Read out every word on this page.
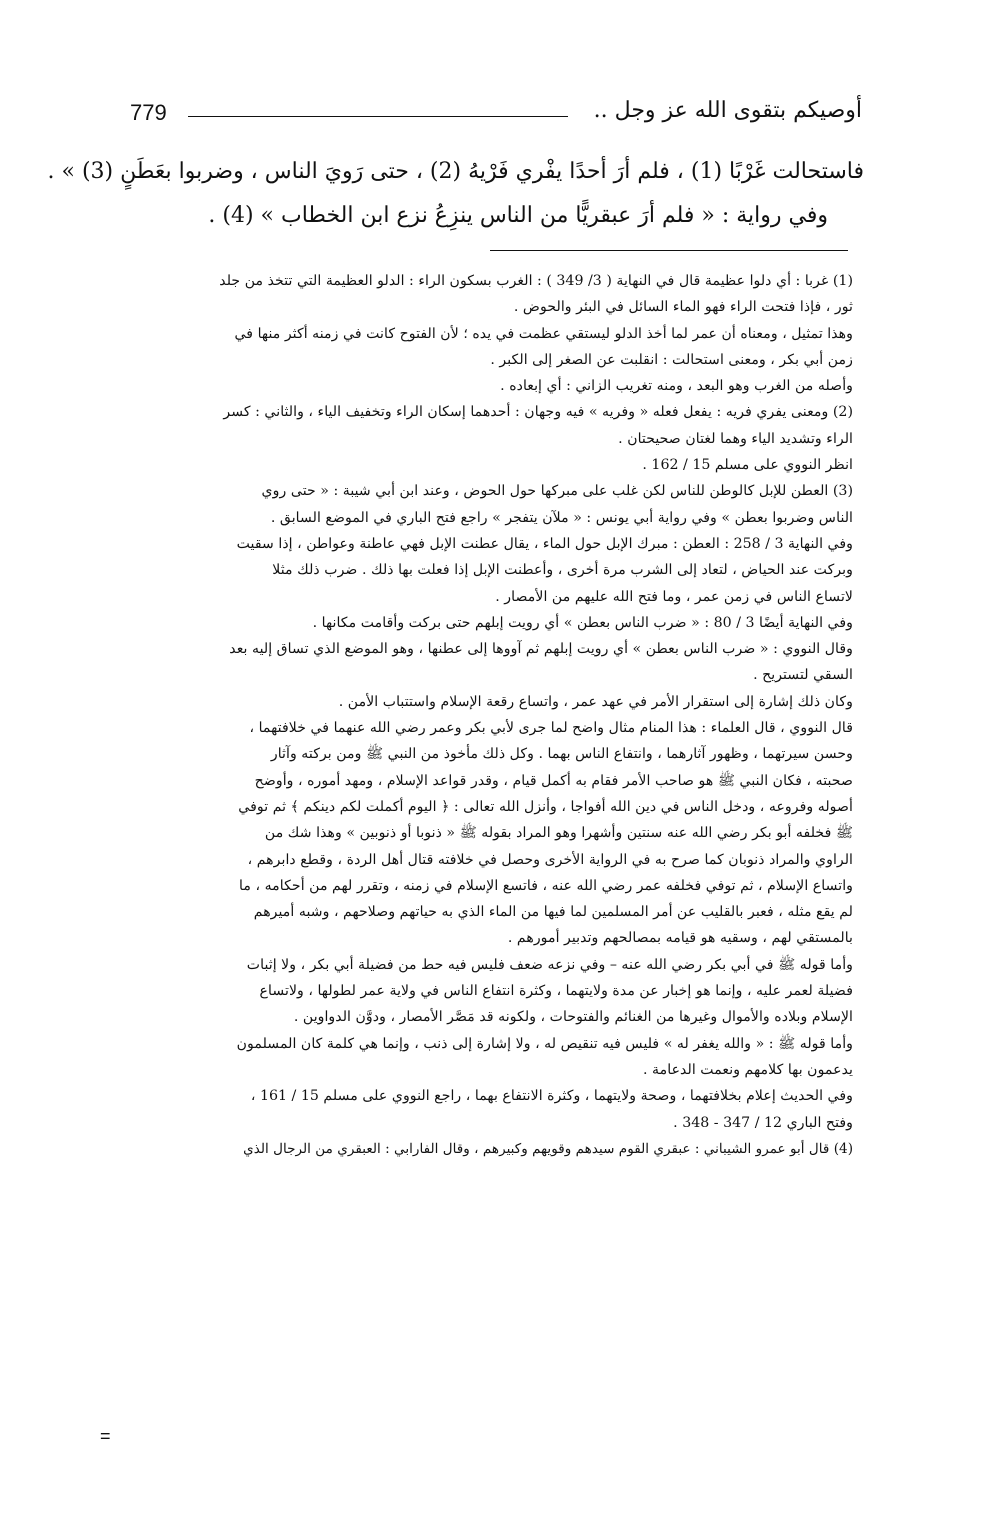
779	أوصيكم بتقوى الله عز وجل ..
فاستحالت غَرْبًا (1) ، فلم أرَ أحدًا يفْري فَرْيهُ (2) ، حتى رَويَ الناس ، وضربوا بعَطَنٍ (3) » .
وفي رواية : « فلم أرَ عبقريًّا من الناس ينزِعُ نزع ابن الخطاب » (4) .
(1) غربا : أي دلوا عظيمة قال في النهاية ( 3/ 349 ) : الغرب بسكون الراء : الدلو العظيمة التي تتخذ من جلد
ثور ، فإذا فتحت الراء فهو الماء السائل في البئر والحوض .
وهذا تمثيل ، ومعناه أن عمر لما أخذ الدلو ليستقي عظمت في يده ؛ لأن الفتوح كانت في زمنه أكثر منها في
زمن أبي بكر ، ومعنى استحالت : انقلبت عن الصغر إلى الكبر .
وأصله من الغرب وهو البعد ، ومنه تغريب الزاني : أي إبعاده .
(2) ومعنى يفري فريه : يفعل فعله « وفريه » فيه وجهان : أحدهما إسكان الراء وتخفيف الياء ، والثاني : كسر
الراء وتشديد الياء وهما لغتان صحيحتان .
انظر النووي على مسلم 15 / 162 .
(3) العطن للإبل كالوطن للناس لكن غلب على مبركها حول الحوض ، وعند ابن أبي شيبة : « حتى روي
الناس وضربوا بعطن » وفي رواية أبي يونس : « ملآن يتفجر » راجع فتح الباري في الموضع السابق .
وفي النهاية 3 / 258 : العطن : مبرك الإبل حول الماء ، يقال عطنت الإبل فهي عاطنة وعواطن ، إذا سقيت
وبركت عند الحياض ، لتعاد إلى الشرب مرة أخرى ، وأعطنت الإبل إذا فعلت بها ذلك . ضرب ذلك مثلا
لاتساع الناس في زمن عمر ، وما فتح الله عليهم من الأمصار .
وفي النهاية أيضًا 3 / 80 : « ضرب الناس بعطن » أي رويت إبلهم حتى بركت وأقامت مكانها .
وقال النووي : « ضرب الناس بعطن » أي رويت إبلهم ثم آووها إلى عطنها ، وهو الموضع الذي تساق إليه بعد
السقي لتستريح .
وكان ذلك إشارة إلى استقرار الأمر في عهد عمر ، واتساع رقعة الإسلام واستتباب الأمن .
قال النووي ، قال العلماء : هذا المنام مثال واضح لما جرى لأبي بكر وعمر رضي الله عنهما في خلافتهما ،
وحسن سيرتهما ، وظهور آثارهما ، وانتفاع الناس بهما . وكل ذلك مأخوذ من النبي ﷺ ومن بركته وآثار
صحبته ، فكان النبي ﷺ هو صاحب الأمر فقام به أكمل قيام ، وقدر قواعد الإسلام ، ومهد أموره ، وأوضح
أصوله وفروعه ، ودخل الناس في دين الله أفواجا ، وأنزل الله تعالى : ﴿ اليوم أكملت لكم دينكم ﴾ ثم توفي
ﷺ فخلفه أبو بكر رضي الله عنه سنتين وأشهرا وهو المراد بقوله ﷺ « ذنوبا أو ذنوبين » وهذا شك من
الراوي والمراد ذنوبان كما صرح به في الرواية الأخرى وحصل في خلافته قتال أهل الردة ، وقطع دابرهم ،
واتساع الإسلام ، ثم توفي فخلفه عمر رضي الله عنه ، فاتسع الإسلام في زمنه ، وتقرر لهم من أحكامه ، ما
لم يقع مثله ، فعبر بالقليب عن أمر المسلمين لما فيها من الماء الذي به حياتهم وصلاحهم ، وشبه أميرهم
بالمستقي لهم ، وسقيه هو قيامه بمصالحهم وتدبير أمورهم .
وأما قوله ﷺ في أبي بكر رضي الله عنه – وفي نزعه ضعف فليس فيه حط من فضيلة أبي بكر ، ولا إثبات
فضيلة لعمر عليه ، وإنما هو إخبار عن مدة ولايتهما ، وكثرة انتفاع الناس في ولاية عمر لطولها ، ولاتساع
الإسلام وبلاده والأموال وغيرها من الغنائم والفتوحات ، ولكونه قد مَصَّر الأمصار ، ودوَّن الدواوين .
وأما قوله ﷺ : « والله يغفر له » فليس فيه تنقيص له ، ولا إشارة إلى ذنب ، وإنما هي كلمة كان المسلمون
يدعمون بها كلامهم ونعمت الدعامة .
وفي الحديث إعلام بخلافتهما ، وصحة ولايتهما ، وكثرة الانتفاع بهما ، راجع النووي على مسلم 15 / 161 ،
وفتح الباري 12 / 347 - 348 .
(4) قال أبو عمرو الشيباني : عبقري القوم سيدهم وقويهم وكبيرهم ، وقال الفارابي : العبقري من الرجال الذي
=
